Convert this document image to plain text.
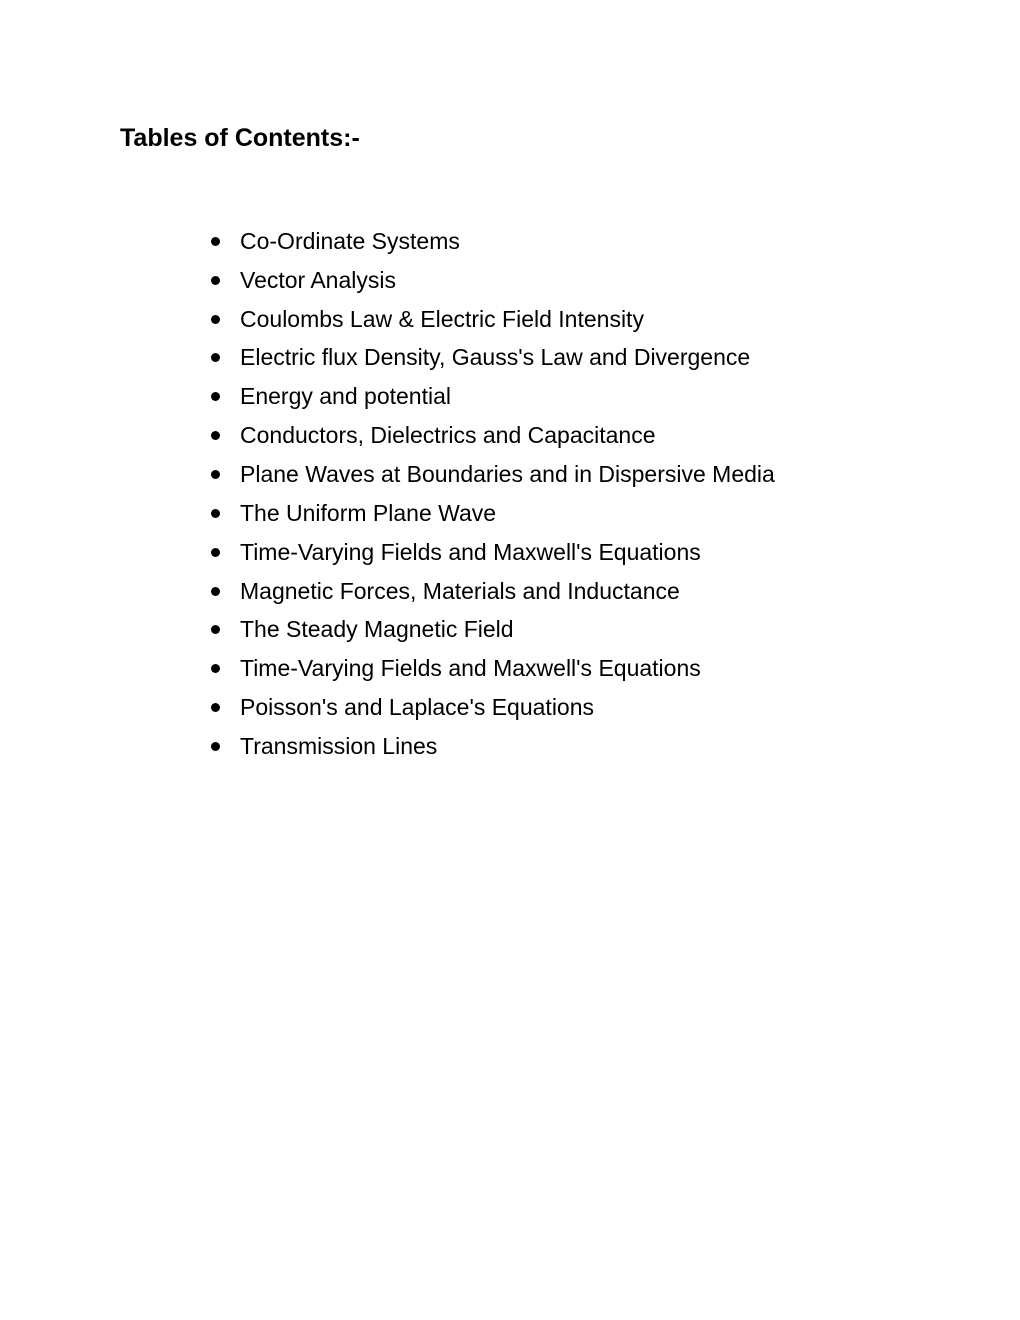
Tables of Contents:-
Co-Ordinate Systems
Vector Analysis
Coulombs Law & Electric Field Intensity
Electric flux Density, Gauss's Law and Divergence
Energy and potential
Conductors, Dielectrics and Capacitance
Plane Waves at Boundaries and in Dispersive Media
The Uniform Plane Wave
Time-Varying Fields and Maxwell's Equations
Magnetic Forces, Materials and Inductance
The Steady Magnetic Field
Time-Varying Fields and Maxwell's Equations
Poisson's and Laplace's Equations
Transmission Lines
